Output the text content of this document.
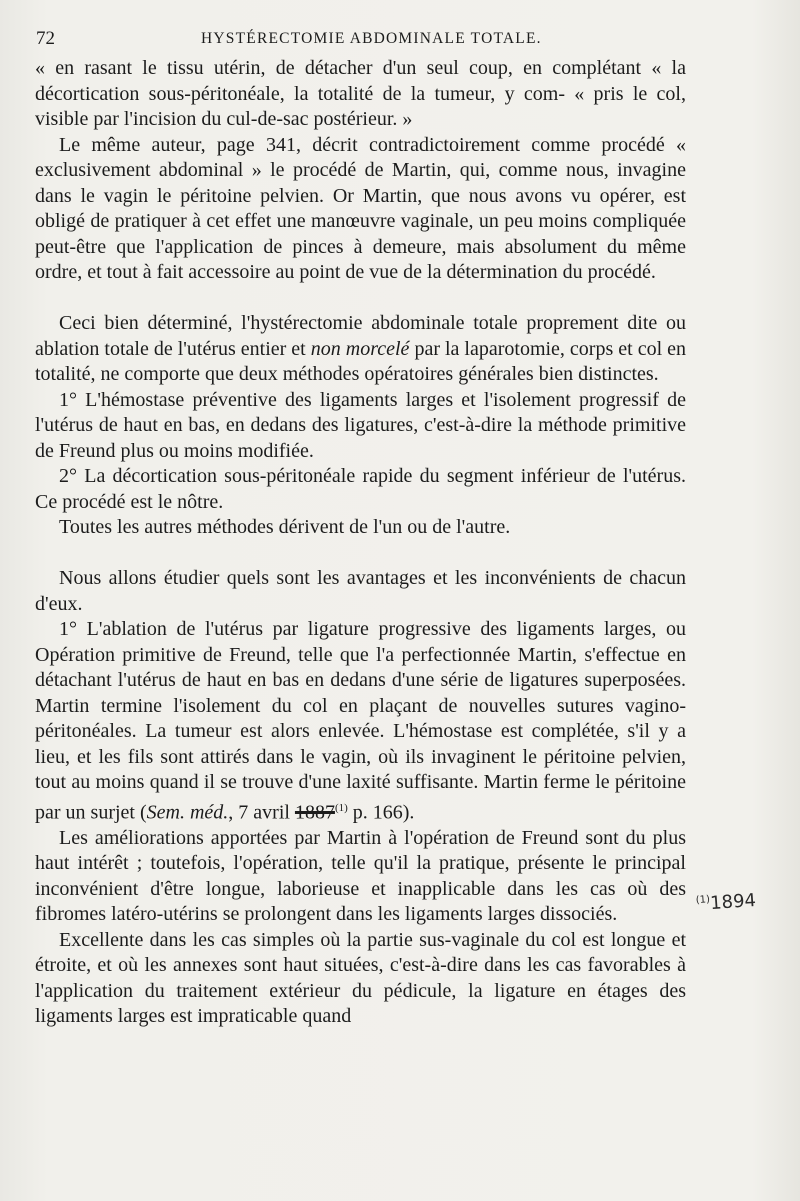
72	HYSTÉRECTOMIE ABDOMINALE TOTALE.

« en rasant le tissu utérin, de détacher d'un seul coup, en complétant « la décortication sous-péritonéale, la totalité de la tumeur, y com- « pris le col, visible par l'incision du cul-de-sac postérieur. »

Le même auteur, page 341, décrit contradictoirement comme procédé « exclusivement abdominal » le procédé de Martin, qui, comme nous, invagine dans le vagin le péritoine pelvien. Or Martin, que nous avons vu opérer, est obligé de pratiquer à cet effet une manœuvre vaginale, un peu moins compliquée peut-être que l'application de pinces à demeure, mais absolument du même ordre, et tout à fait accessoire au point de vue de la détermination du procédé.

Ceci bien déterminé, l'hystérectomie abdominale totale proprement dite ou ablation totale de l'utérus entier et non morcelé par la laparotomie, corps et col en totalité, ne comporte que deux méthodes opératoires générales bien distinctes.

1° L'hémostase préventive des ligaments larges et l'isolement progressif de l'utérus de haut en bas, en dedans des ligatures, c'est-à-dire la méthode primitive de Freund plus ou moins modifiée.

2° La décortication sous-péritonéale rapide du segment inférieur de l'utérus. Ce procédé est le nôtre.

Toutes les autres méthodes dérivent de l'un ou de l'autre.

Nous allons étudier quels sont les avantages et les inconvénients de chacun d'eux.

1° L'ablation de l'utérus par ligature progressive des ligaments larges, ou Opération primitive de Freund, telle que l'a perfectionnée Martin, s'effectue en détachant l'utérus de haut en bas en dedans d'une série de ligatures superposées. Martin termine l'isolement du col en plaçant de nouvelles sutures vagino-péritonéales. La tumeur est alors enlevée. L'hémostase est complétée, s'il y a lieu, et les fils sont attirés dans le vagin, où ils invaginent le péritoine pelvien, tout au moins quand il se trouve d'une laxité suffisante. Martin ferme le péritoine par un surjet (Sem. méd., 7 avril 1887$^{(1)}$ p. 166).

Les améliorations apportées par Martin à l'opération de Freund sont du plus haut intérêt ; toutefois, l'opération, telle qu'il la pratique, présente le principal inconvénient d'être longue, laborieuse et inapplicable dans les cas où des fibromes latéro-utérins se prolongent dans les ligaments larges dissociés.

Excellente dans les cas simples où la partie sus-vaginale du col est longue et étroite, et où les annexes sont haut situées, c'est-à-dire dans les cas favorables à l'application du traitement extérieur du pédicule, la ligature en étages des ligaments larges est impraticable quand

$^{(1)}$1894
